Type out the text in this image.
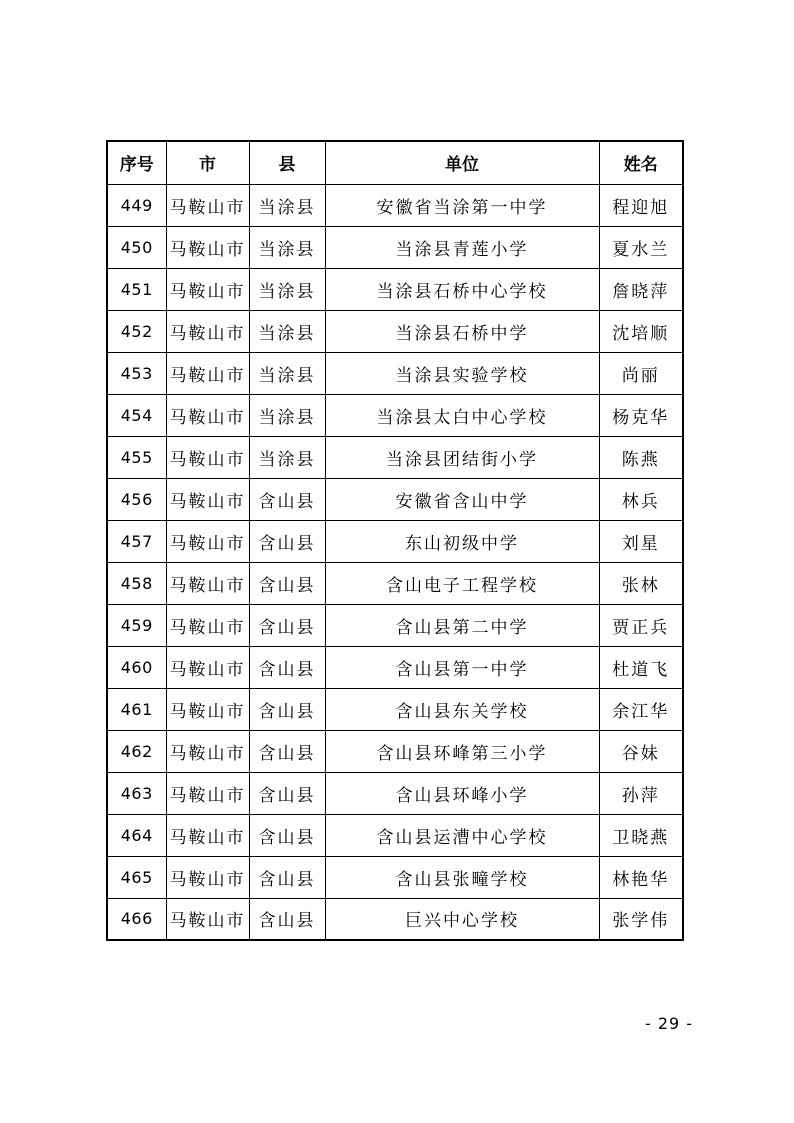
序号	市	县	单位	姓名
449	马鞍山市	当涂县	安徽省当涂第一中学	程迎旭
450	马鞍山市	当涂县	当涂县青莲小学	夏水兰
451	马鞍山市	当涂县	当涂县石桥中心学校	詹晓萍
452	马鞍山市	当涂县	当涂县石桥中学	沈培顺
453	马鞍山市	当涂县	当涂县实验学校	尚丽
454	马鞍山市	当涂县	当涂县太白中心学校	杨克华
455	马鞍山市	当涂县	当涂县团结街小学	陈燕
456	马鞍山市	含山县	安徽省含山中学	林兵
457	马鞍山市	含山县	东山初级中学	刘星
458	马鞍山市	含山县	含山电子工程学校	张林
459	马鞍山市	含山县	含山县第二中学	贾正兵
460	马鞍山市	含山县	含山县第一中学	杜道飞
461	马鞍山市	含山县	含山县东关学校	余江华
462	马鞍山市	含山县	含山县环峰第三小学	谷妹
463	马鞍山市	含山县	含山县环峰小学	孙萍
464	马鞍山市	含山县	含山县运漕中心学校	卫晓燕
465	马鞍山市	含山县	含山县张疃学校	林艳华
466	马鞍山市	含山县	巨兴中心学校	张学伟
- 29 -
